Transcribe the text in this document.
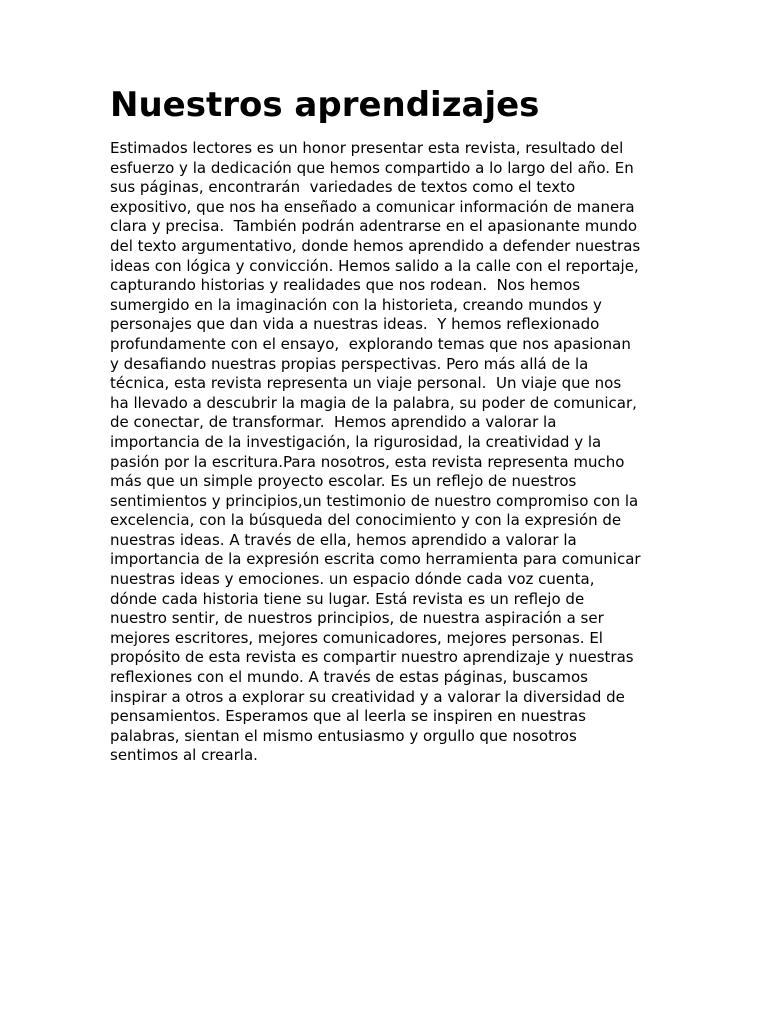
Nuestros aprendizajes
Estimados lectores es un honor presentar esta revista, resultado del
esfuerzo y la dedicación que hemos compartido a lo largo del año. En
sus páginas, encontrarán  variedades de textos como el texto
expositivo, que nos ha enseñado a comunicar información de manera
clara y precisa.  También podrán adentrarse en el apasionante mundo
del texto argumentativo, donde hemos aprendido a defender nuestras
ideas con lógica y convicción. Hemos salido a la calle con el reportaje,
capturando historias y realidades que nos rodean.  Nos hemos
sumergido en la imaginación con la historieta, creando mundos y
personajes que dan vida a nuestras ideas.  Y hemos reflexionado
profundamente con el ensayo,  explorando temas que nos apasionan
y desafiando nuestras propias perspectivas. Pero más allá de la
técnica, esta revista representa un viaje personal.  Un viaje que nos
ha llevado a descubrir la magia de la palabra, su poder de comunicar,
de conectar, de transformar.  Hemos aprendido a valorar la
importancia de la investigación, la rigurosidad, la creatividad y la
pasión por la escritura.Para nosotros, esta revista representa mucho
más que un simple proyecto escolar. Es un reflejo de nuestros
sentimientos y principios,un testimonio de nuestro compromiso con la
excelencia, con la búsqueda del conocimiento y con la expresión de
nuestras ideas. A través de ella, hemos aprendido a valorar la
importancia de la expresión escrita como herramienta para comunicar
nuestras ideas y emociones. un espacio dónde cada voz cuenta,
dónde cada historia tiene su lugar. Está revista es un reflejo de
nuestro sentir, de nuestros principios, de nuestra aspiración a ser
mejores escritores, mejores comunicadores, mejores personas. El
propósito de esta revista es compartir nuestro aprendizaje y nuestras
reflexiones con el mundo. A través de estas páginas, buscamos
inspirar a otros a explorar su creatividad y a valorar la diversidad de
pensamientos. Esperamos que al leerla se inspiren en nuestras
palabras, sientan el mismo entusiasmo y orgullo que nosotros
sentimos al crearla.
